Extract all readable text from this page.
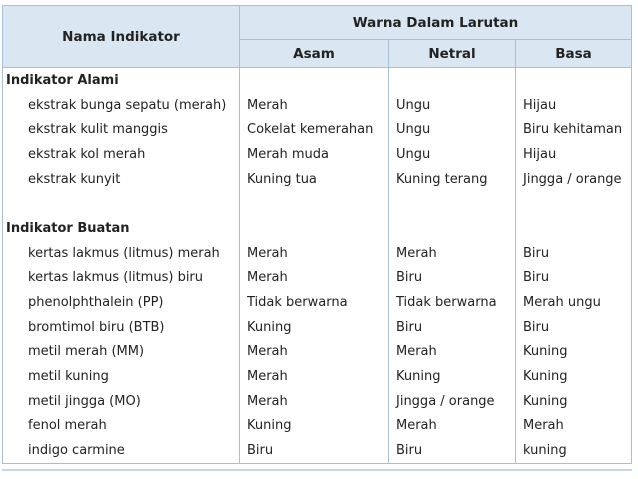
Nama Indikator	Warna Dalam Larutan		
	Asam	Netral	Basa
Indikator Alami			
ekstrak bunga sepatu (merah)	Merah	Ungu	Hijau
ekstrak kulit manggis	Cokelat kemerahan	Ungu	Biru kehitaman
ekstrak kol merah	Merah muda	Ungu	Hijau
ekstrak kunyit	Kuning tua	Kuning terang	Jingga / orange

Indikator Buatan			
kertas lakmus (litmus) merah	Merah	Merah	Biru
kertas lakmus (litmus) biru	Merah	Biru	Biru
phenolphthalein (PP)	Tidak berwarna	Tidak berwarna	Merah ungu
bromtimol biru (BTB)	Kuning	Biru	Biru
metil merah (MM)	Merah	Merah	Kuning
metil kuning	Merah	Kuning	Kuning
metil jingga (MO)	Merah	Jingga / orange	Kuning
fenol merah	Kuning	Merah	Merah
indigo carmine	Biru	Biru	kuning
